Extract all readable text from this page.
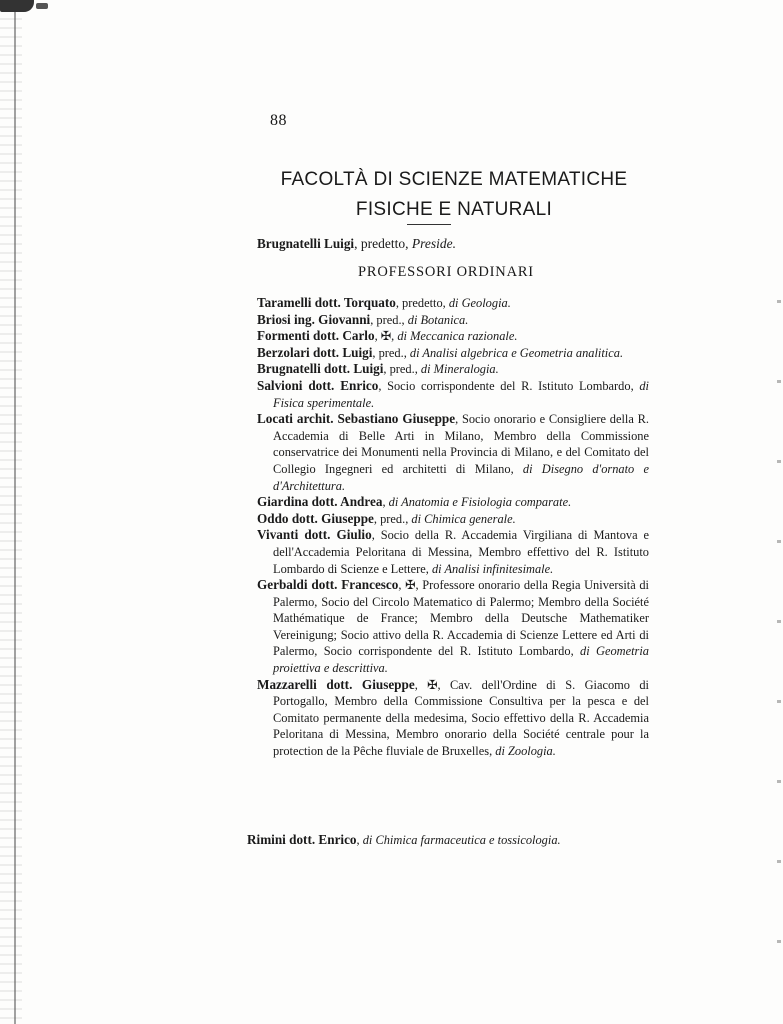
88
FACOLTÀ DI SCIENZE MATEMATICHE
FISICHE E NATURALI
Brugnatelli Luigi, predetto, Preside.
PROFESSORI ORDINARI
Taramelli dott. Torquato, predetto, di Geologia.
Briosi ing. Giovanni, pred., di Botanica.
Formenti dott. Carlo, ✠, di Meccanica razionale.
Berzolari dott. Luigi, pred., di Analisi algebrica e Geometria analitica.
Brugnatelli dott. Luigi, pred., di Mineralogia.
Salvioni dott. Enrico, Socio corrispondente del R. Istituto Lombardo, di Fisica sperimentale.
Locati archit. Sebastiano Giuseppe, Socio onorario e Consigliere della R. Accademia di Belle Arti in Milano, Membro della Commissione conservatrice dei Monumenti nella Provincia di Milano, e del Comitato del Collegio Ingegneri ed architetti di Milano, di Disegno d'ornato e d'Architettura.
Giardina dott. Andrea, di Anatomia e Fisiologia comparate.
Oddo dott. Giuseppe, pred., di Chimica generale.
Vivanti dott. Giulio, Socio della R. Accademia Virgiliana di Mantova e dell'Accademia Peloritana di Messina, Membro effettivo del R. Istituto Lombardo di Scienze e Lettere, di Analisi infinitesimale.
Gerbaldi dott. Francesco, ✠, Professore onorario della Regia Università di Palermo, Socio del Circolo Matematico di Palermo; Membro della Société Mathématique de France; Membro della Deutsche Mathematiker Vereinigung; Socio attivo della R. Accademia di Scienze Lettere ed Arti di Palermo, Socio corrispondente del R. Istituto Lombardo, di Geometria proiettiva e descrittiva.
Mazzarelli dott. Giuseppe, ✠, Cav. dell'Ordine di S. Giacomo di Portogallo, Membro della Commissione Consultiva per la pesca e del Comitato permanente della medesima, Socio effettivo della R. Accademia Peloritana di Messina, Membro onorario della Société centrale pour la protection de la Pêche fluviale de Bruxelles, di Zoologia.
Rimini dott. Enrico, di Chimica farmaceutica e tossicologia.
